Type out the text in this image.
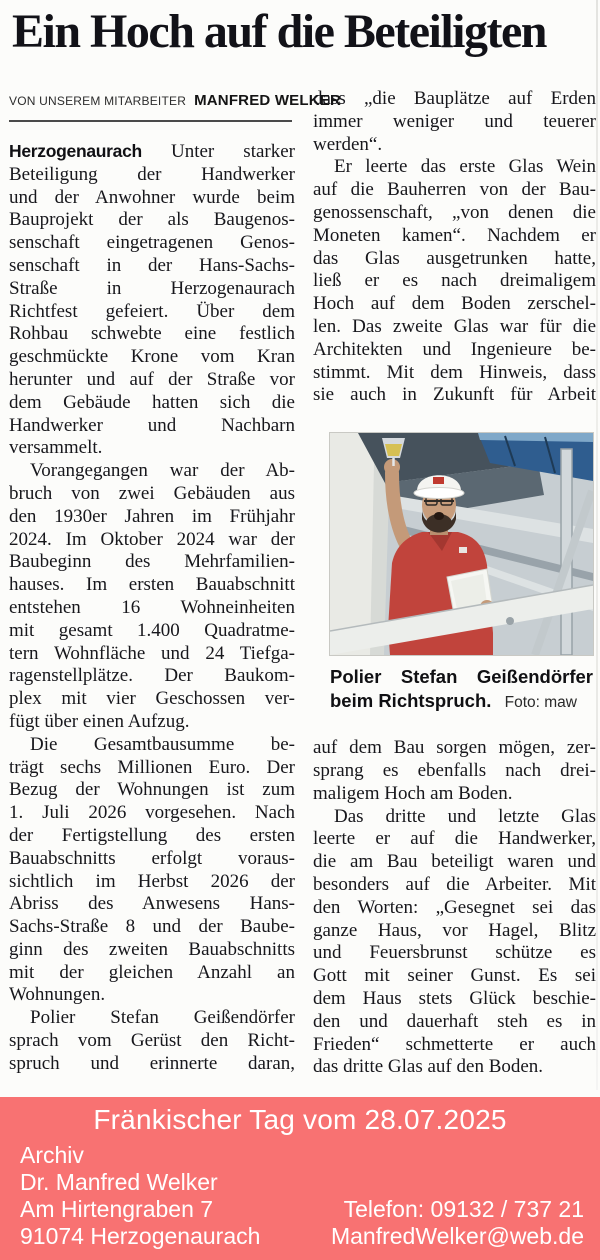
Ein Hoch auf die Beteiligten
VON UNSEREM MITARBEITER MANFRED WELKER

Herzogenaurach Unter starker
Beteiligung der Handwerker
und der Anwohner wurde beim
Bauprojekt der als Baugenos-
senschaft eingetragenen Genos-
senschaft in der Hans-Sachs-
Straße in Herzogenaurach
Richtfest gefeiert. Über dem
Rohbau schwebte eine festlich
geschmückte Krone vom Kran
herunter und auf der Straße vor
dem Gebäude hatten sich die
Handwerker und Nachbarn
versammelt.

Vorangegangen war der Ab-
bruch von zwei Gebäuden aus
den 1930er Jahren im Frühjahr
2024. Im Oktober 2024 war der
Baubeginn des Mehrfamilien-
hauses. Im ersten Bauabschnitt
entstehen 16 Wohneinheiten
mit gesamt 1.400 Quadratme-
tern Wohnfläche und 24 Tiefga-
ragenstellplätze. Der Baukom-
plex mit vier Geschossen ver-
fügt über einen Aufzug.

Die Gesamtbausumme be-
trägt sechs Millionen Euro. Der
Bezug der Wohnungen ist zum
1. Juli 2026 vorgesehen. Nach
der Fertigstellung des ersten
Bauabschnitts erfolgt voraus-
sichtlich im Herbst 2026 der
Abriss des Anwesens Hans-
Sachs-Straße 8 und der Baube-
ginn des zweiten Bauabschnitts
mit der gleichen Anzahl an
Wohnungen.

Polier Stefan Geißendörfer
sprach vom Gerüst den Richt-
spruch und erinnerte daran,

dass „die Bauplätze auf Erden
immer weniger und teuerer
werden“.

Er leerte das erste Glas Wein
auf die Bauherren von der Bau-
genossenschaft, „von denen die
Moneten kamen“. Nachdem er
das Glas ausgetrunken hatte,
ließ er es nach dreimaligem
Hoch auf dem Boden zerschel-
len. Das zweite Glas war für die
Architekten und Ingenieure be-
stimmt. Mit dem Hinweis, dass
sie auch in Zukunft für Arbeit

Polier Stefan Geißendörfer
beim Richtspruch. Foto: maw

auf dem Bau sorgen mögen, zer-
sprang es ebenfalls nach drei-
maligem Hoch am Boden.

Das dritte und letzte Glas
leerte er auf die Handwerker,
die am Bau beteiligt waren und
besonders auf die Arbeiter. Mit
den Worten: „Gesegnet sei das
ganze Haus, vor Hagel, Blitz
und Feuersbrunst schütze es
Gott mit seiner Gunst. Es sei
dem Haus stets Glück beschie-
den und dauerhaft steh es in
Frieden“ schmetterte er auch
das dritte Glas auf den Boden.

Fränkischer Tag vom 28.07.2025
Archiv
Dr. Manfred Welker
Am Hirtengraben 7
91074 Herzogenaurach
Telefon: 09132 / 737 21
ManfredWelker@web.de
